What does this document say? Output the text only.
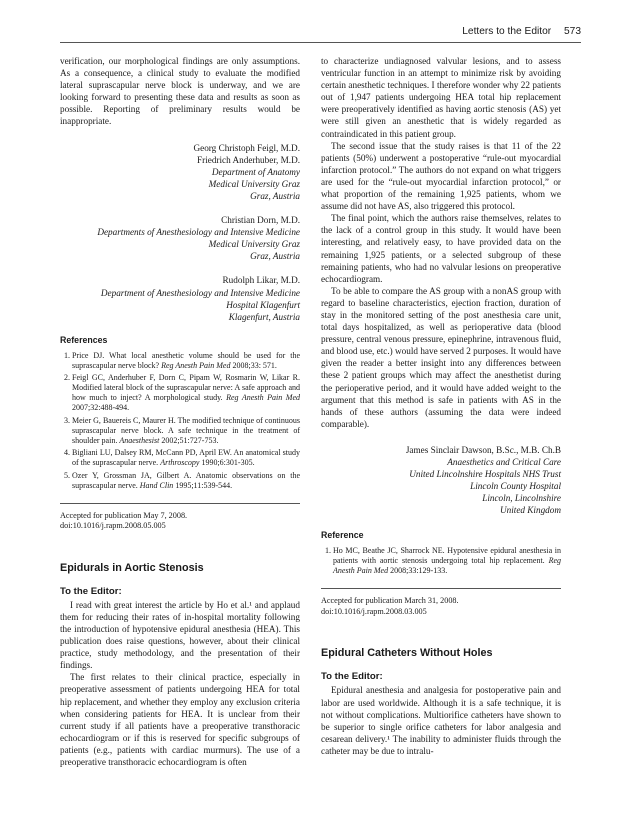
Letters to the Editor 573

verification, our morphological findings are only assumptions. As a consequence, a clinical study to evaluate the modified lateral suprascapular nerve block is underway, and we are looking forward to presenting these data and results as soon as possible. Reporting of preliminary results would be inappropriate.

Georg Christoph Feigl, M.D.
Friedrich Anderhuber, M.D.
Department of Anatomy
Medical University Graz
Graz, Austria
Christian Dorn, M.D.
Departments of Anesthesiology and Intensive Medicine
Medical University Graz
Graz, Austria
Rudolph Likar, M.D.
Department of Anesthesiology and Intensive Medicine
Hospital Klagenfurt
Klagenfurt, Austria
References
1. Price DJ. What local anesthetic volume should be used for the suprascapular nerve block? Reg Anesth Pain Med 2008;33: 571.
2. Feigl GC, Anderhuber F, Dorn C, Pipam W, Rosmarin W, Likar R. Modified lateral block of the suprascapular nerve: A safe approach and how much to inject? A morphological study. Reg Anesth Pain Med 2007;32:488-494.
3. Meier G, Bauereis C, Maurer H. The modified technique of continuous suprascapular nerve block. A safe technique in the treatment of shoulder pain. Anaesthesist 2002;51:727-753.
4. Bigliani LU, Dalsey RM, McCann PD, April EW. An anatomical study of the suprascapular nerve. Arthroscopy 1990;6:301-305.
5. Ozer Y, Grossman JA, Gilbert A. Anatomic observations on the suprascapular nerve. Hand Clin 1995;11:539-544.
Accepted for publication May 7, 2008.
doi:10.1016/j.rapm.2008.05.005
Epidurals in Aortic Stenosis
To the Editor:

I read with great interest the article by Ho et al.¹ and applaud them for reducing their rates of in-hospital mortality following the introduction of hypotensive epidural anesthesia (HEA). This publication does raise questions, however, about their clinical practice, study methodology, and the presentation of their findings.

The first relates to their clinical practice, especially in preoperative assessment of patients undergoing HEA for total hip replacement, and whether they employ any exclusion criteria when considering patients for HEA. It is unclear from their current study if all patients have a preoperative transthoracic echocardiogram or if this is reserved for specific subgroups of patients (e.g., patients with cardiac murmurs). The use of a preoperative transthoracic echocardiogram is often

to characterize undiagnosed valvular lesions, and to assess ventricular function in an attempt to minimize risk by avoiding certain anesthetic techniques. I therefore wonder why 22 patients out of 1,947 patients undergoing HEA total hip replacement were preoperatively identified as having aortic stenosis (AS) yet were still given an anesthetic that is widely regarded as contraindicated in this patient group.

The second issue that the study raises is that 11 of the 22 patients (50%) underwent a postoperative “rule-out myocardial infarction protocol.” The authors do not expand on what triggers are used for the “rule-out myocardial infarction protocol,” or what proportion of the remaining 1,925 patients, whom we assume did not have AS, also triggered this protocol.

The final point, which the authors raise themselves, relates to the lack of a control group in this study. It would have been interesting, and relatively easy, to have provided data on the remaining 1,925 patients, or a selected subgroup of these remaining patients, who had no valvular lesions on preoperative echocardiogram.

To be able to compare the AS group with a nonAS group with regard to baseline characteristics, ejection fraction, duration of stay in the monitored setting of the post anesthesia care unit, total days hospitalized, as well as perioperative data (blood pressure, central venous pressure, epinephrine, intravenous fluid, and blood use, etc.) would have served 2 purposes. It would have given the reader a better insight into any differences between these 2 patient groups which may affect the anesthetist during the perioperative period, and it would have added weight to the argument that this method is safe in patients with AS in the hands of these authors (assuming the data were indeed comparable).

James Sinclair Dawson, B.Sc., M.B. Ch.B
Anaesthetics and Critical Care
United Lincolnshire Hospitals NHS Trust
Lincoln County Hospital
Lincoln, Lincolnshire
United Kingdom
Reference
1. Ho MC, Beathe JC, Sharrock NE. Hypotensive epidural anesthesia in patients with aortic stenosis undergoing total hip replacement. Reg Anesth Pain Med 2008;33:129-133.
Accepted for publication March 31, 2008.
doi:10.1016/j.rapm.2008.03.005
Epidural Catheters Without Holes
To the Editor:

Epidural anesthesia and analgesia for postoperative pain and labor are used worldwide. Although it is a safe technique, it is not without complications. Multiorifice catheters have shown to be superior to single orifice catheters for labor analgesia and cesarean delivery.¹ The inability to administer fluids through the catheter may be due to intralu-
